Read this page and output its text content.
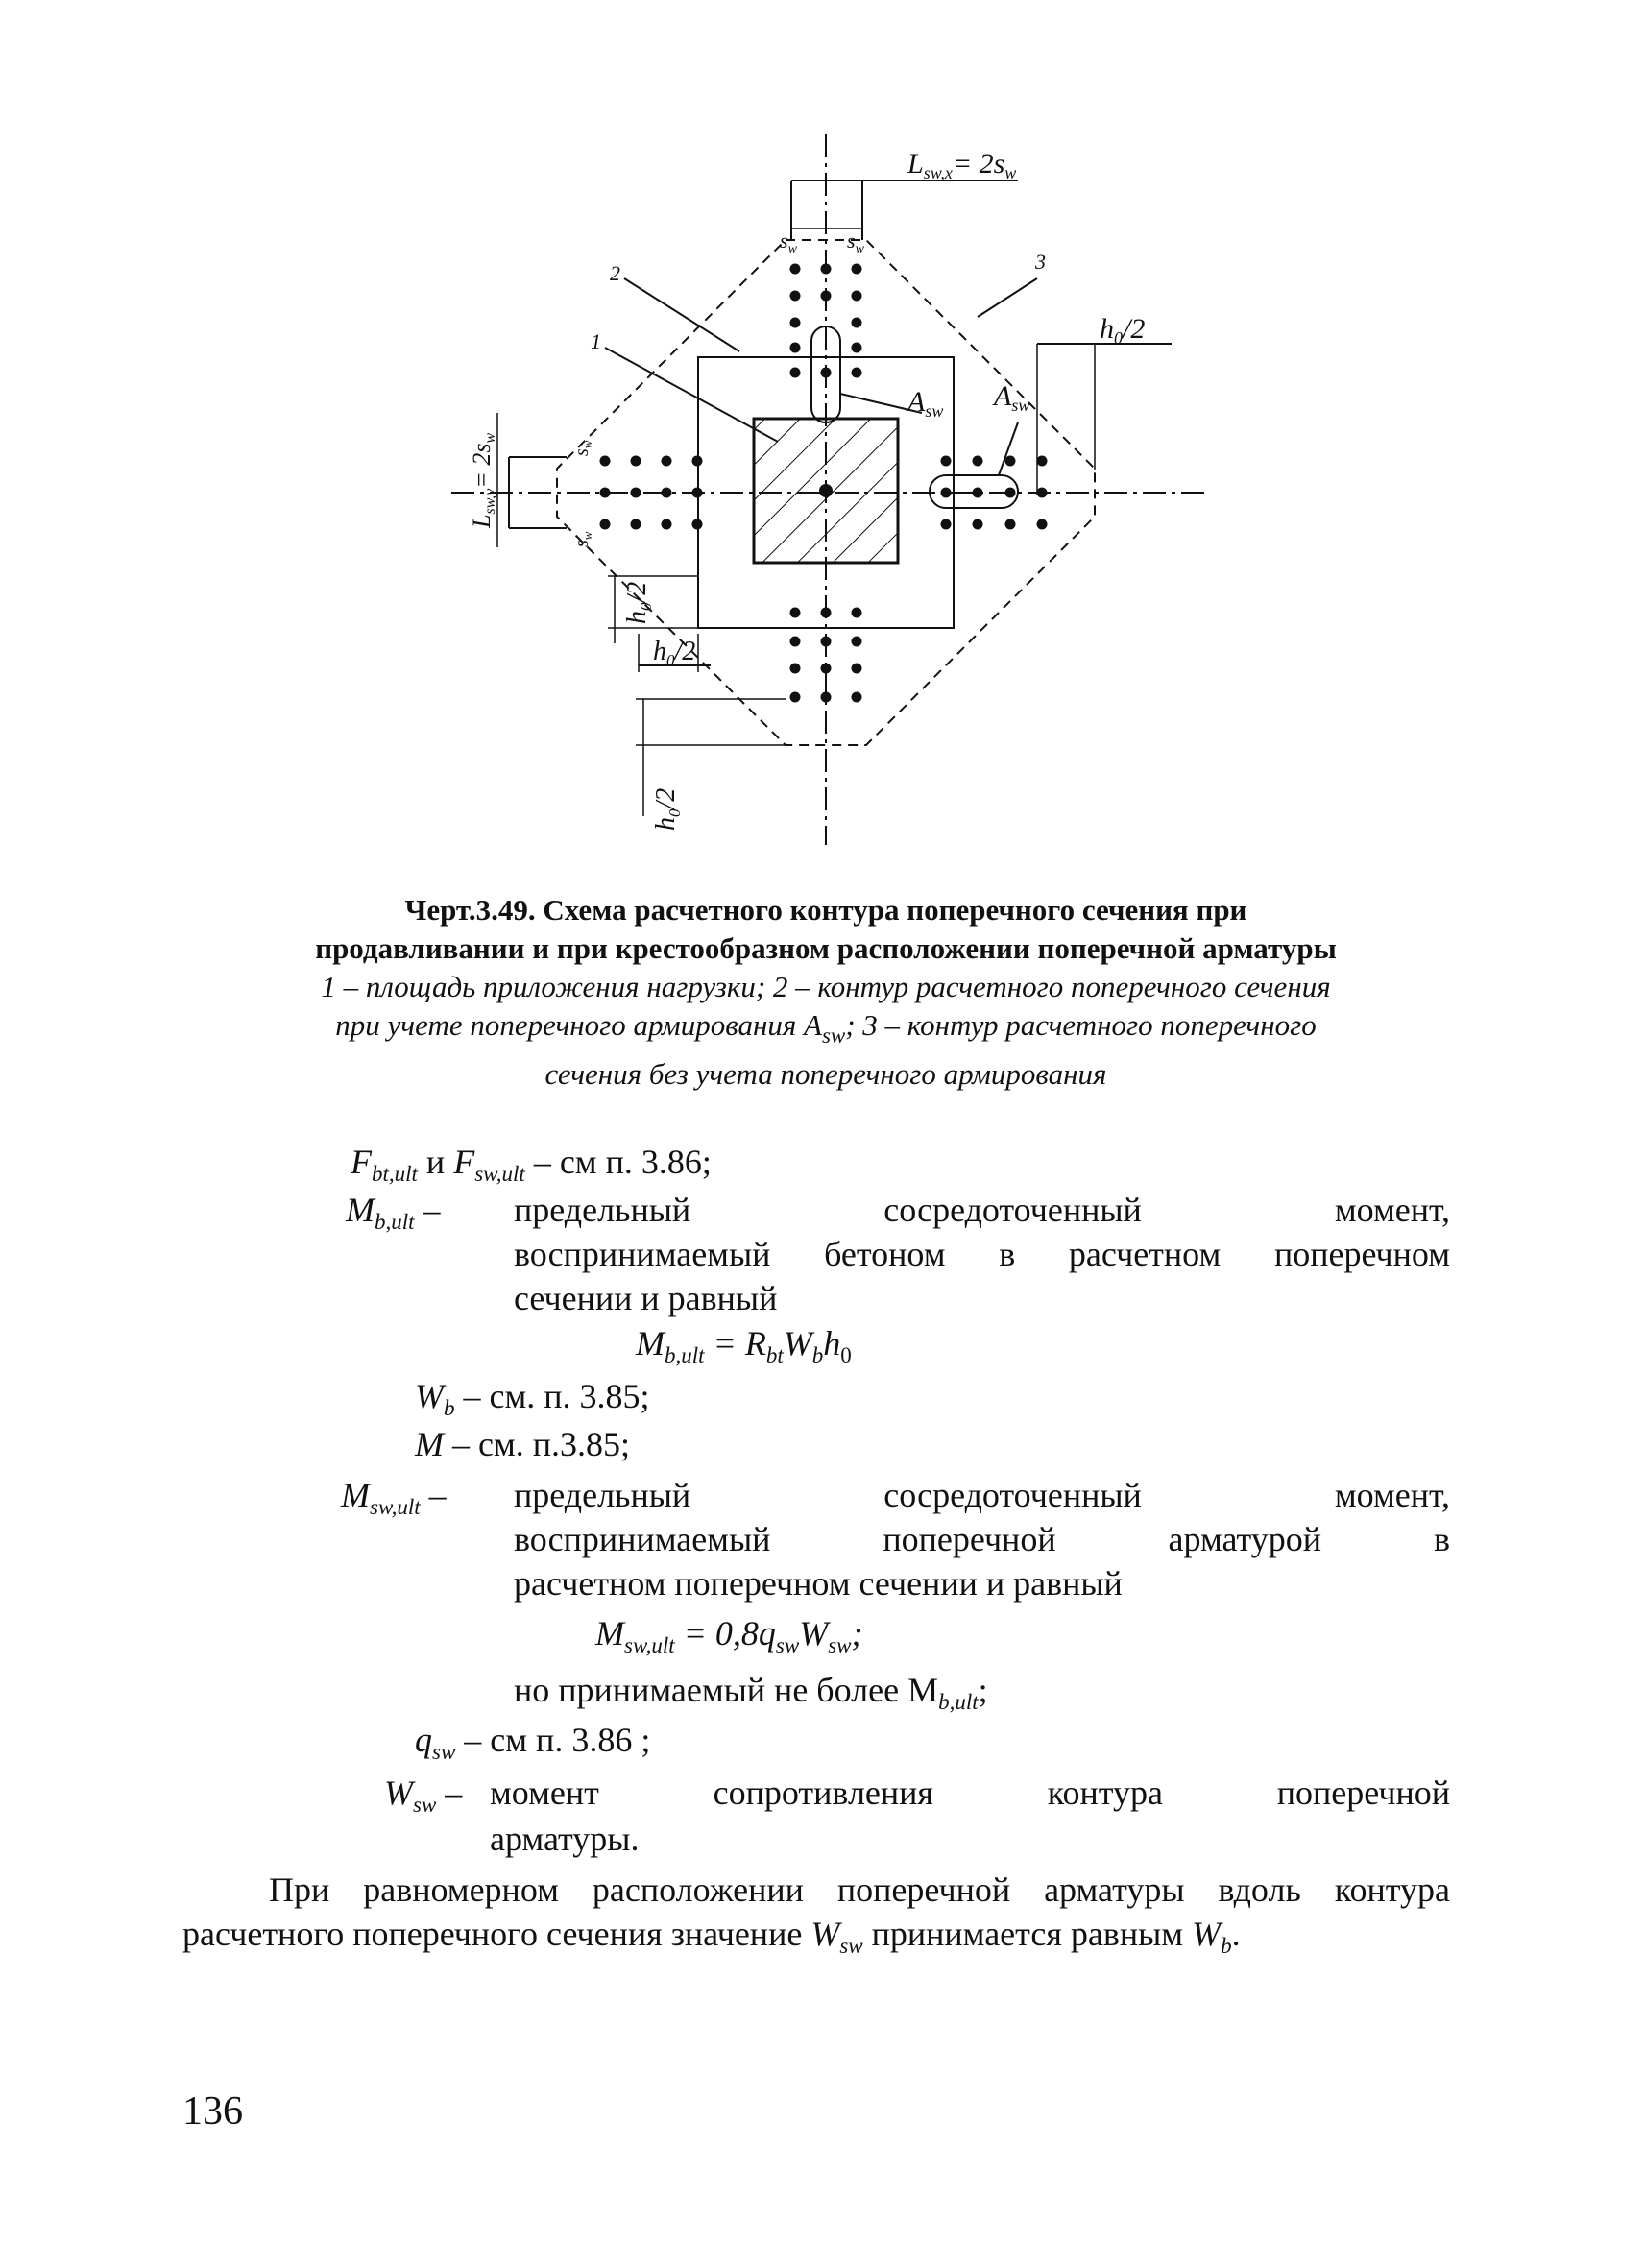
$L_{sw,x}= 2s_w$
$s_w$ $s_w$
Lsw,y= 2sw
$s_w$
$s_w$
$h_0/2$
$A_{sw}$ $A_{sw}$
2
1
3
$h_0/2$
$h_0/2$
$h_0/2$
Черт.3.49. Схема расчетного контура поперечного сечения при
продавливании и при крестообразном расположении поперечной арматуры
1 – площадь приложения нагрузки; 2 – контур расчетного поперечного сечения
при учете поперечного армирования $A_{sw}$; 3 – контур расчетного поперечного
сечения без учета поперечного армирования
$F_{bt,ult}$ и $F_{sw,ult}$ – см п. 3.86;
$M_{b,ult}$ – предельный сосредоточенный момент,
воспринимаемый бетоном в расчетном поперечном
сечении и равный
$M_{b,ult} = R_{bt}W_bh_0$
$W_b$ – см. п. 3.85;
M – см. п.3.85;
$M_{sw,ult}$ – предельный сосредоточенный момент,
воспринимаемый поперечной арматурой в
расчетном поперечном сечении и равный
$M_{sw,ult} = 0,8q_{sw}W_{sw}$;
но принимаемый не более $M_{b,ult}$;
$q_{sw}$ – см п. 3.86 ;
$W_{sw}$ – момент сопротивления контура поперечной
арматуры.
При равномерном расположении поперечной арматуры вдоль контура расчетного поперечного сечения значение $W_{sw}$ принимается равным $W_b$.
136
